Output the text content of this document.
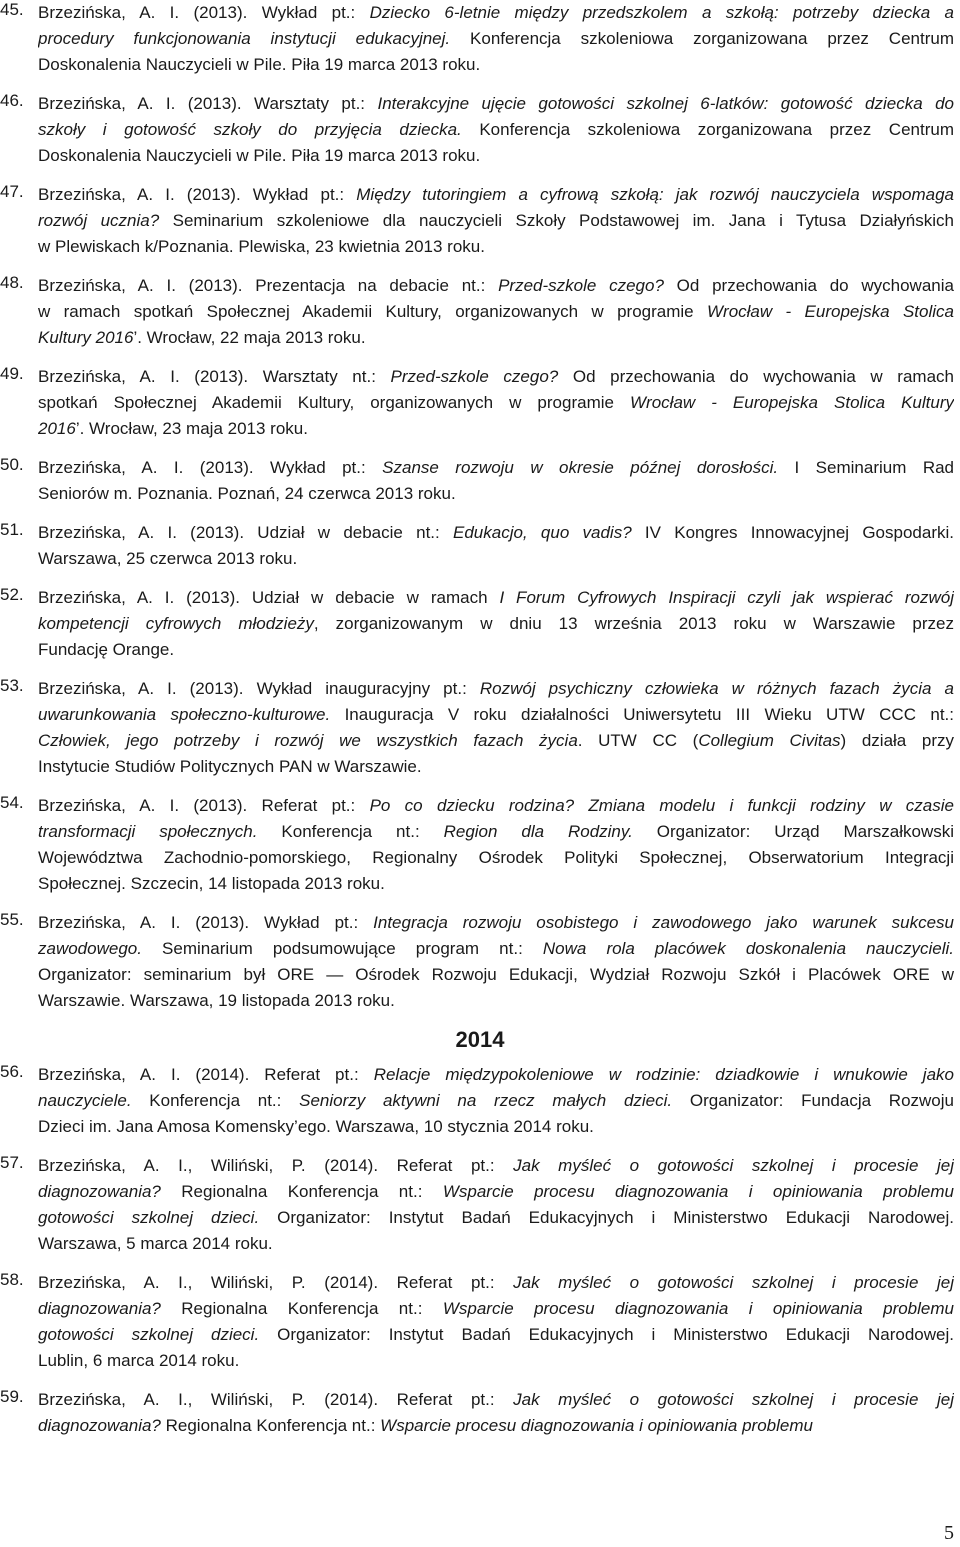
45. Brzezińska, A. I. (2013). Wykład pt.: Dziecko 6-letnie między przedszkolem a szkołą: potrzeby dziecka a
procedury funkcjonowania instytucji edukacyjnej. Konferencja szkoleniowa zorganizowana przez Centrum
Doskonalenia Nauczycieli w Pile. Piła 19 marca 2013 roku.
46. Brzezińska, A. I. (2013). Warsztaty pt.: Interakcyjne ujęcie gotowości szkolnej 6-latków: gotowość dziecka do
szkoły i gotowość szkoły do przyjęcia dziecka. Konferencja szkoleniowa zorganizowana przez Centrum
Doskonalenia Nauczycieli w Pile. Piła 19 marca 2013 roku.
47. Brzezińska, A. I. (2013). Wykład pt.: Między tutoringiem a cyfrową szkołą: jak rozwój nauczyciela wspomaga
rozwój ucznia? Seminarium szkoleniowe dla nauczycieli Szkoły Podstawowej im. Jana i Tytusa Działyńskich
w Plewiskach k/Poznania. Plewiska, 23 kwietnia 2013 roku.
48. Brzezińska, A. I. (2013). Prezentacja na debacie nt.: Przed-szkole czego? Od przechowania do wychowania
w ramach spotkań Społecznej Akademii Kultury, organizowanych w programie Wrocław - Europejska Stolica
Kultury 2016’. Wrocław, 22 maja 2013 roku.
49. Brzezińska, A. I. (2013). Warsztaty nt.: Przed-szkole czego? Od przechowania do wychowania w ramach
spotkań Społecznej Akademii Kultury, organizowanych w programie Wrocław - Europejska Stolica Kultury
2016’. Wrocław, 23 maja 2013 roku.
50. Brzezińska, A. I. (2013). Wykład pt.: Szanse rozwoju w okresie późnej dorosłości. I Seminarium Rad
Seniorów m. Poznania. Poznań, 24 czerwca 2013 roku.
51. Brzezińska, A. I. (2013). Udział w debacie nt.: Edukacjo, quo vadis? IV Kongres Innowacyjnej Gospodarki.
Warszawa, 25 czerwca 2013 roku.
52. Brzezińska, A. I. (2013). Udział w debacie w ramach I Forum Cyfrowych Inspiracji czyli jak wspierać rozwój
kompetencji cyfrowych młodzieży, zorganizowanym w dniu 13 września 2013 roku w Warszawie przez
Fundację Orange.
53. Brzezińska, A. I. (2013). Wykład inauguracyjny pt.: Rozwój psychiczny człowieka w różnych fazach życia a
uwarunkowania społeczno-kulturowe. Inauguracja V roku działalności Uniwersytetu III Wieku UTW CCC nt.:
Człowiek, jego potrzeby i rozwój we wszystkich fazach życia. UTW CC (Collegium Civitas) działa przy
Instytucie Studiów Politycznych PAN w Warszawie.
54. Brzezińska, A. I. (2013). Referat pt.: Po co dziecku rodzina? Zmiana modelu i funkcji rodziny w czasie
transformacji społecznych. Konferencja nt.: Region dla Rodziny. Organizator: Urząd Marszałkowski
Województwa Zachodnio-pomorskiego, Regionalny Ośrodek Polityki Społecznej, Obserwatorium Integracji
Społecznej. Szczecin, 14 listopada 2013 roku.
55. Brzezińska, A. I. (2013). Wykład pt.: Integracja rozwoju osobistego i zawodowego jako warunek sukcesu
zawodowego. Seminarium podsumowujące program nt.: Nowa rola placówek doskonalenia nauczycieli.
Organizator: seminarium był ORE — Ośrodek Rozwoju Edukacji, Wydział Rozwoju Szkół i Placówek ORE w
Warszawie. Warszawa, 19 listopada 2013 roku.
2014
56. Brzezińska, A. I. (2014). Referat pt.: Relacje międzypokoleniowe w rodzinie: dziadkowie i wnukowie jako
nauczyciele. Konferencja nt.: Seniorzy aktywni na rzecz małych dzieci. Organizator: Fundacja Rozwoju
Dzieci im. Jana Amosa Komensky’ego. Warszawa, 10 stycznia 2014 roku.
57. Brzezińska, A. I., Wiliński, P. (2014). Referat pt.: Jak myśleć o gotowości szkolnej i procesie jej
diagnozowania? Regionalna Konferencja nt.: Wsparcie procesu diagnozowania i opiniowania problemu
gotowości szkolnej dzieci. Organizator: Instytut Badań Edukacyjnych i Ministerstwo Edukacji Narodowej.
Warszawa, 5 marca 2014 roku.
58. Brzezińska, A. I., Wiliński, P. (2014). Referat pt.: Jak myśleć o gotowości szkolnej i procesie jej
diagnozowania? Regionalna Konferencja nt.: Wsparcie procesu diagnozowania i opiniowania problemu
gotowości szkolnej dzieci. Organizator: Instytut Badań Edukacyjnych i Ministerstwo Edukacji Narodowej.
Lublin, 6 marca 2014 roku.
59. Brzezińska, A. I., Wiliński, P. (2014). Referat pt.: Jak myśleć o gotowości szkolnej i procesie jej
diagnozowania? Regionalna Konferencja nt.: Wsparcie procesu diagnozowania i opiniowania problemu
5
